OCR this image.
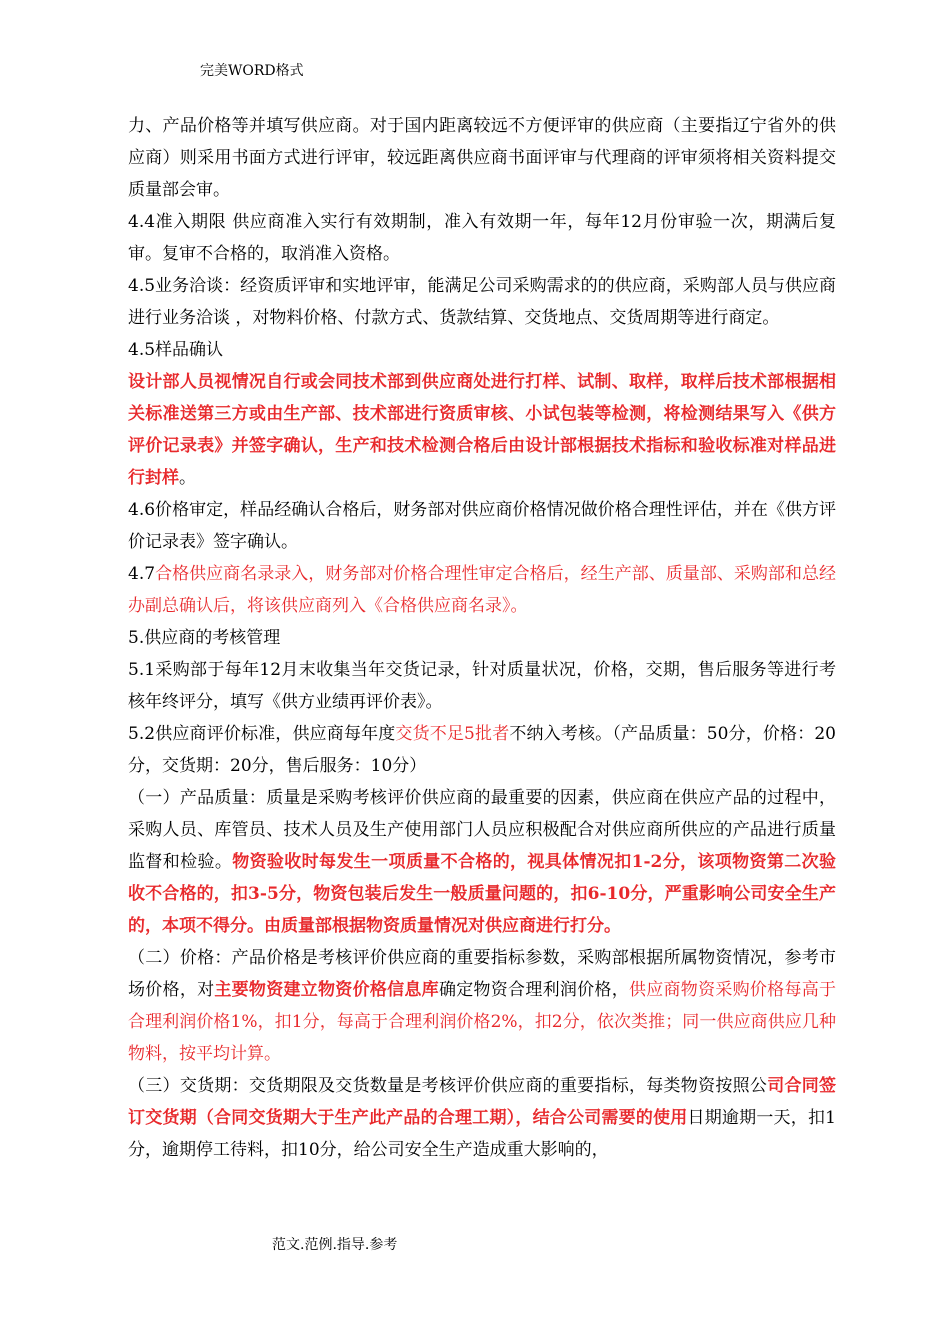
完美WORD格式

力、产品价格等并填写供应商。对于国内距离较远不方便评审的供应商（主要指辽宁省外的供应商）则采用书面方式进行评审，较远距离供应商书面评审与代理商的评审须将相关资料提交质量部会审。

4.4准入期限 供应商准入实行有效期制，准入有效期一年，每年12月份审验一次，期满后复审。复审不合格的，取消准入资格。

4.5业务洽谈：经资质评审和实地评审，能满足公司采购需求的的供应商，采购部人员与供应商进行业务洽谈 ，对物料价格、付款方式、货款结算、交货地点、交货周期等进行商定。

4.5样品确认

设计部人员视情况自行或会同技术部到供应商处进行打样、试制、取样，取样后技术部根据相关标准送第三方或由生产部、技术部进行资质审核、小试包装等检测，将检测结果写入《供方评价记录表》并签字确认，生产和技术检测合格后由设计部根据技术指标和验收标准对样品进行封样。

4.6价格审定，样品经确认合格后，财务部对供应商价格情况做价格合理性评估，并在《供方评价记录表》签字确认。

4.7合格供应商名录录入，财务部对价格合理性审定合格后，经生产部、质量部、采购部和总经办副总确认后，将该供应商列入《合格供应商名录》。

5.供应商的考核管理

5.1采购部于每年12月末收集当年交货记录，针对质量状况，价格，交期，售后服务等进行考核年终评分，填写《供方业绩再评价表》。

5.2供应商评价标准，供应商每年度交货不足5批者不纳入考核。（产品质量：50分，价格：20分，交货期：20分，售后服务：10分）

（一）产品质量：质量是采购考核评价供应商的最重要的因素，供应商在供应产品的过程中，采购人员、库管员、技术人员及生产使用部门人员应积极配合对供应商所供应的产品进行质量监督和检验。物资验收时每发生一项质量不合格的，视具体情况扣1-2分，该项物资第二次验收不合格的，扣3-5分，物资包装后发生一般质量问题的，扣6-10分，严重影响公司安全生产的，本项不得分。由质量部根据物资质量情况对供应商进行打分。

（二）价格：产品价格是考核评价供应商的重要指标参数，采购部根据所属物资情况，参考市场价格，对主要物资建立物资价格信息库确定物资合理利润价格，供应商物资采购价格每高于合理利润价格1%，扣1分，每高于合理利润价格2%，扣2分，依次类推；同一供应商供应几种物料，按平均计算。

（三）交货期：交货期限及交货数量是考核评价供应商的重要指标，每类物资按照公司合同签订交货期（合同交货期大于生产此产品的合理工期），结合公司需要的使用日期逾期一天，扣1分，逾期停工待料，扣10分，给公司安全生产造成重大影响的，

范文.范例.指导.参考
